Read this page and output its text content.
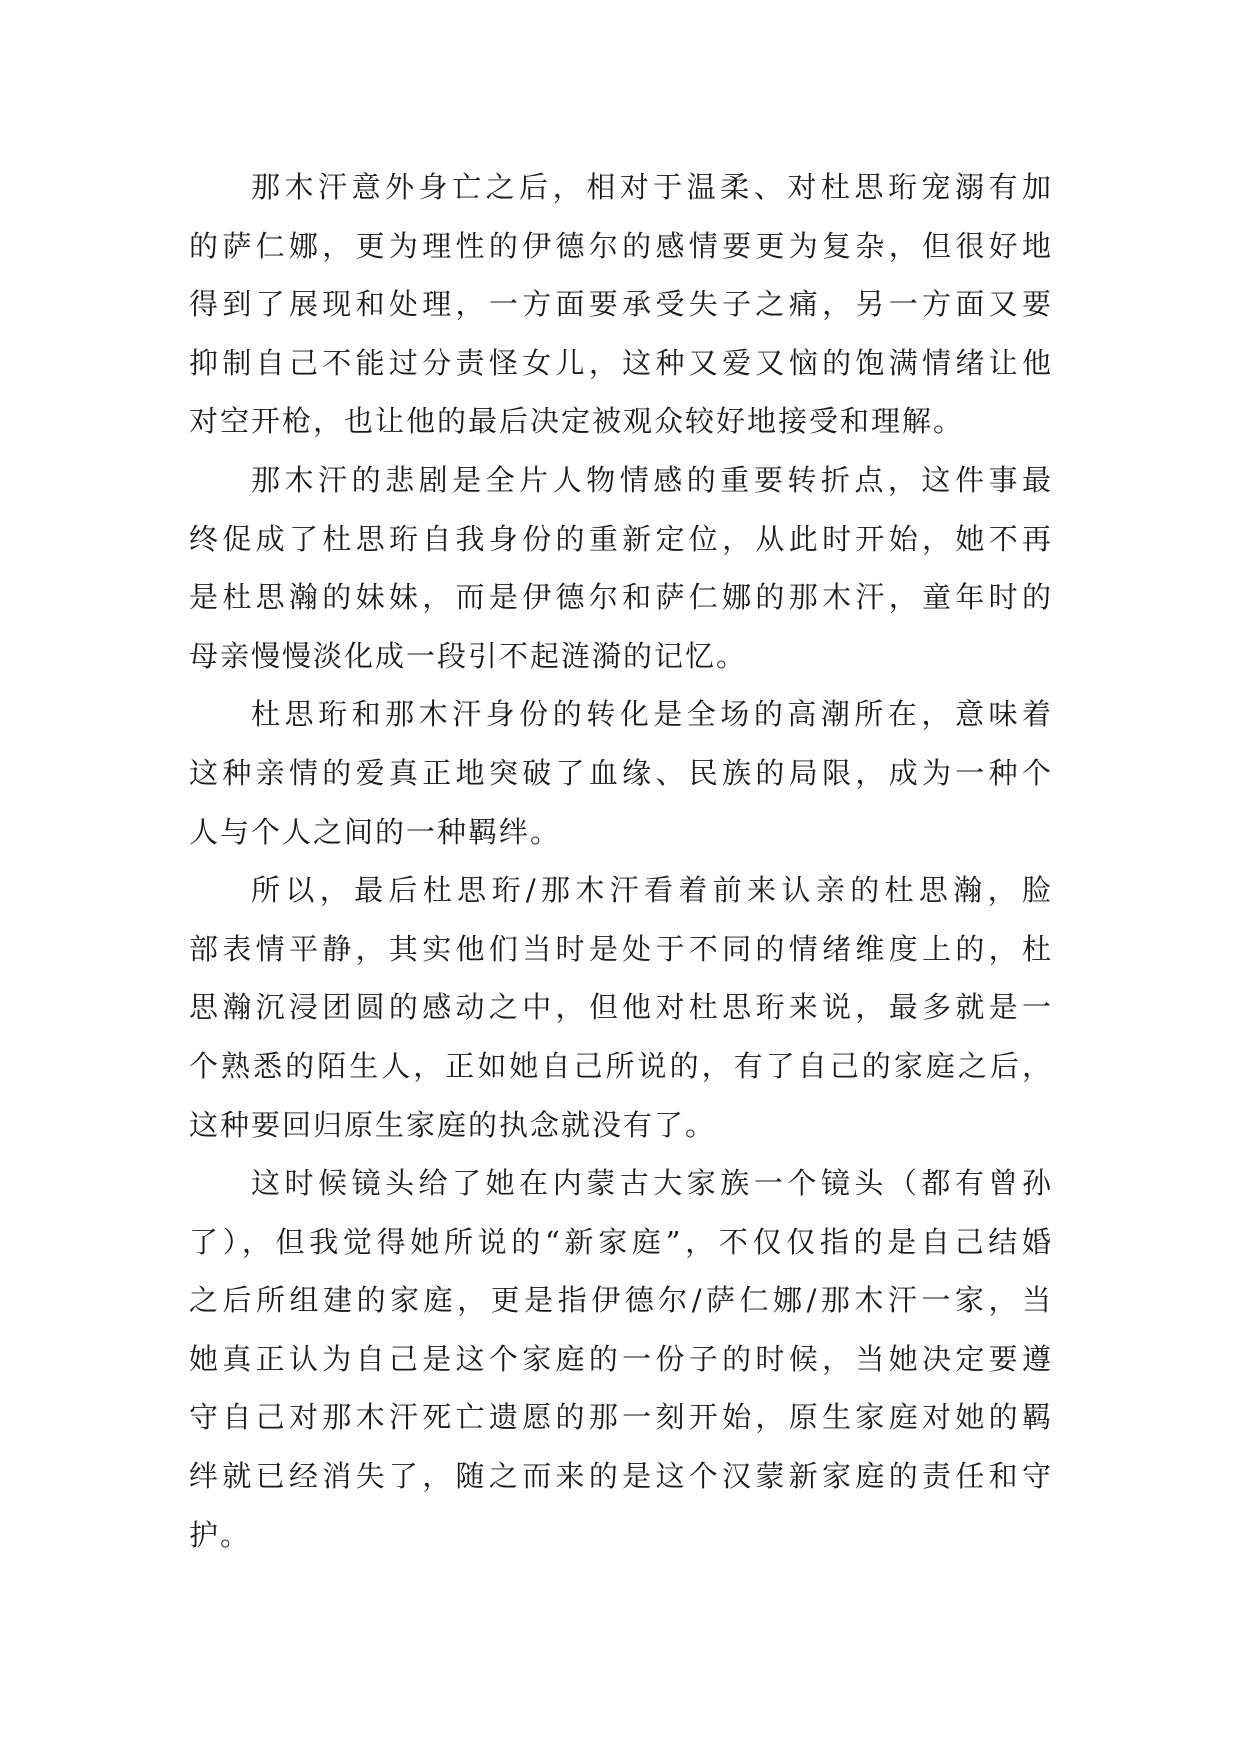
那木汗意外身亡之后，相对于温柔、对杜思珩宠溺有加
的萨仁娜，更为理性的伊德尔的感情要更为复杂，但很好地
得到了展现和处理，一方面要承受失子之痛，另一方面又要
抑制自己不能过分责怪女儿，这种又爱又恼的饱满情绪让他
对空开枪，也让他的最后决定被观众较好地接受和理解。
那木汗的悲剧是全片人物情感的重要转折点，这件事最
终促成了杜思珩自我身份的重新定位，从此时开始，她不再
是杜思瀚的妹妹，而是伊德尔和萨仁娜的那木汗，童年时的
母亲慢慢淡化成一段引不起涟漪的记忆。
杜思珩和那木汗身份的转化是全场的高潮所在，意味着
这种亲情的爱真正地突破了血缘、民族的局限，成为一种个
人与个人之间的一种羁绊。
所以，最后杜思珩/那木汗看着前来认亲的杜思瀚，脸
部表情平静，其实他们当时是处于不同的情绪维度上的，杜
思瀚沉浸团圆的感动之中，但他对杜思珩来说，最多就是一
个熟悉的陌生人，正如她自己所说的，有了自己的家庭之后，
这种要回归原生家庭的执念就没有了。
这时候镜头给了她在内蒙古大家族一个镜头（都有曾孙
了），但我觉得她所说的“新家庭”，不仅仅指的是自己结婚
之后所组建的家庭，更是指伊德尔/萨仁娜/那木汗一家，当
她真正认为自己是这个家庭的一份子的时候，当她决定要遵
守自己对那木汗死亡遗愿的那一刻开始，原生家庭对她的羁
绊就已经消失了，随之而来的是这个汉蒙新家庭的责任和守
护。
